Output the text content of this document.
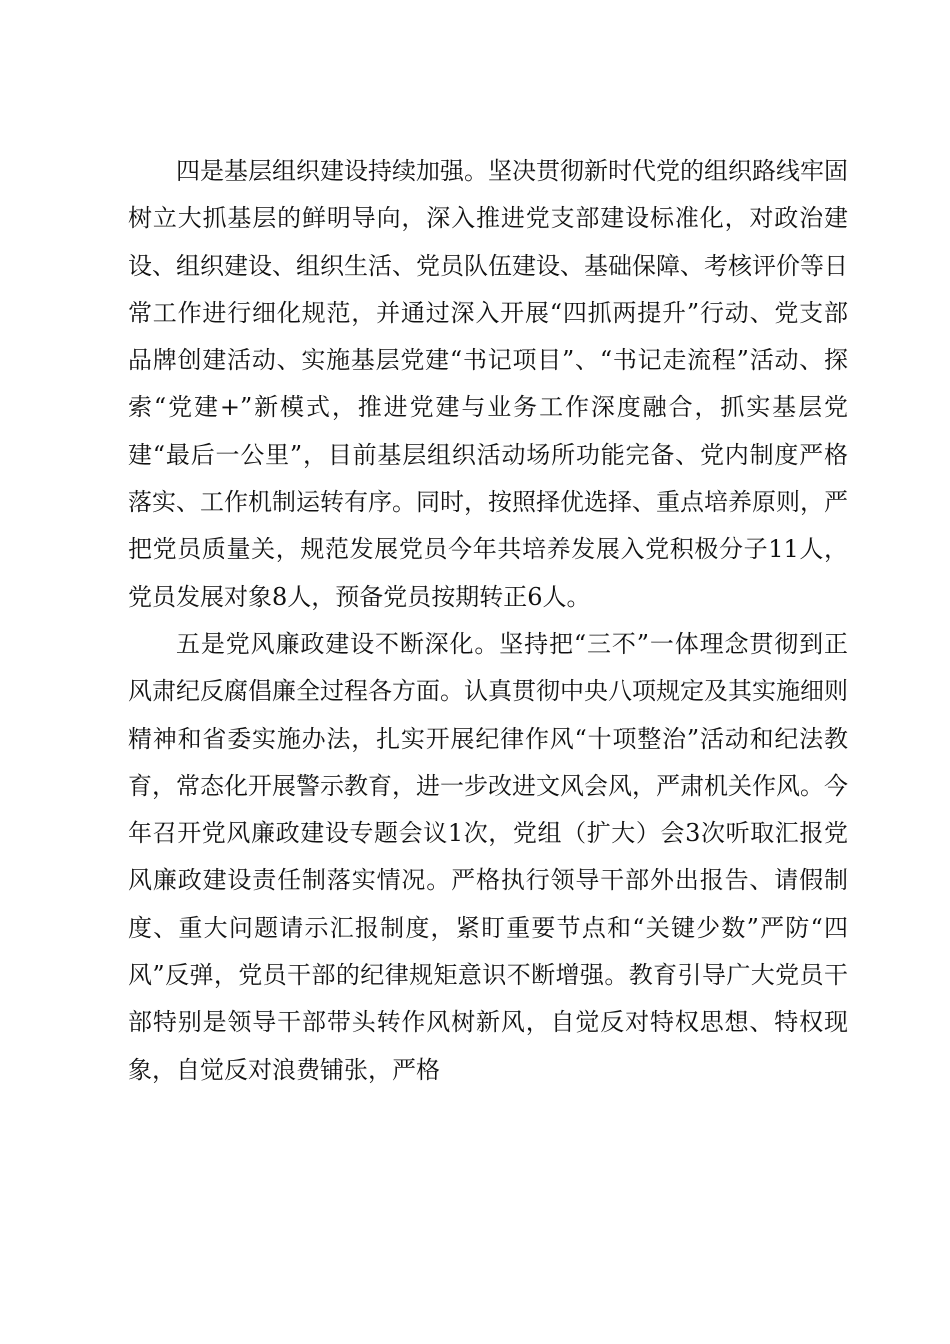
四是基层组织建设持续加强。坚决贯彻新时代党的组织路线牢固树立大抓基层的鲜明导向，深入推进党支部建设标准化，对政治建设、组织建设、组织生活、党员队伍建设、基础保障、考核评价等日常工作进行细化规范，并通过深入开展“四抓两提升”行动、党支部品牌创建活动、实施基层党建“书记项目”、“书记走流程”活动、探索“党建+”新模式，推进党建与业务工作深度融合，抓实基层党建“最后一公里”，目前基层组织活动场所功能完备、党内制度严格落实、工作机制运转有序。同时，按照择优选择、重点培养原则，严把党员质量关，规范发展党员今年共培养发展入党积极分子11人，党员发展对象8人，预备党员按期转正6人。

五是党风廉政建设不断深化。坚持把“三不”一体理念贯彻到正风肃纪反腐倡廉全过程各方面。认真贯彻中央八项规定及其实施细则精神和省委实施办法，扎实开展纪律作风“十项整治”活动和纪法教育，常态化开展警示教育，进一步改进文风会风，严肃机关作风。今年召开党风廉政建设专题会议1次，党组（扩大）会3次听取汇报党风廉政建设责任制落实情况。严格执行领导干部外出报告、请假制度、重大问题请示汇报制度，紧盯重要节点和“关键少数”严防“四风”反弹，党员干部的纪律规矩意识不断增强。教育引导广大党员干部特别是领导干部带头转作风树新风，自觉反对特权思想、特权现象，自觉反对浪费铺张，严格
